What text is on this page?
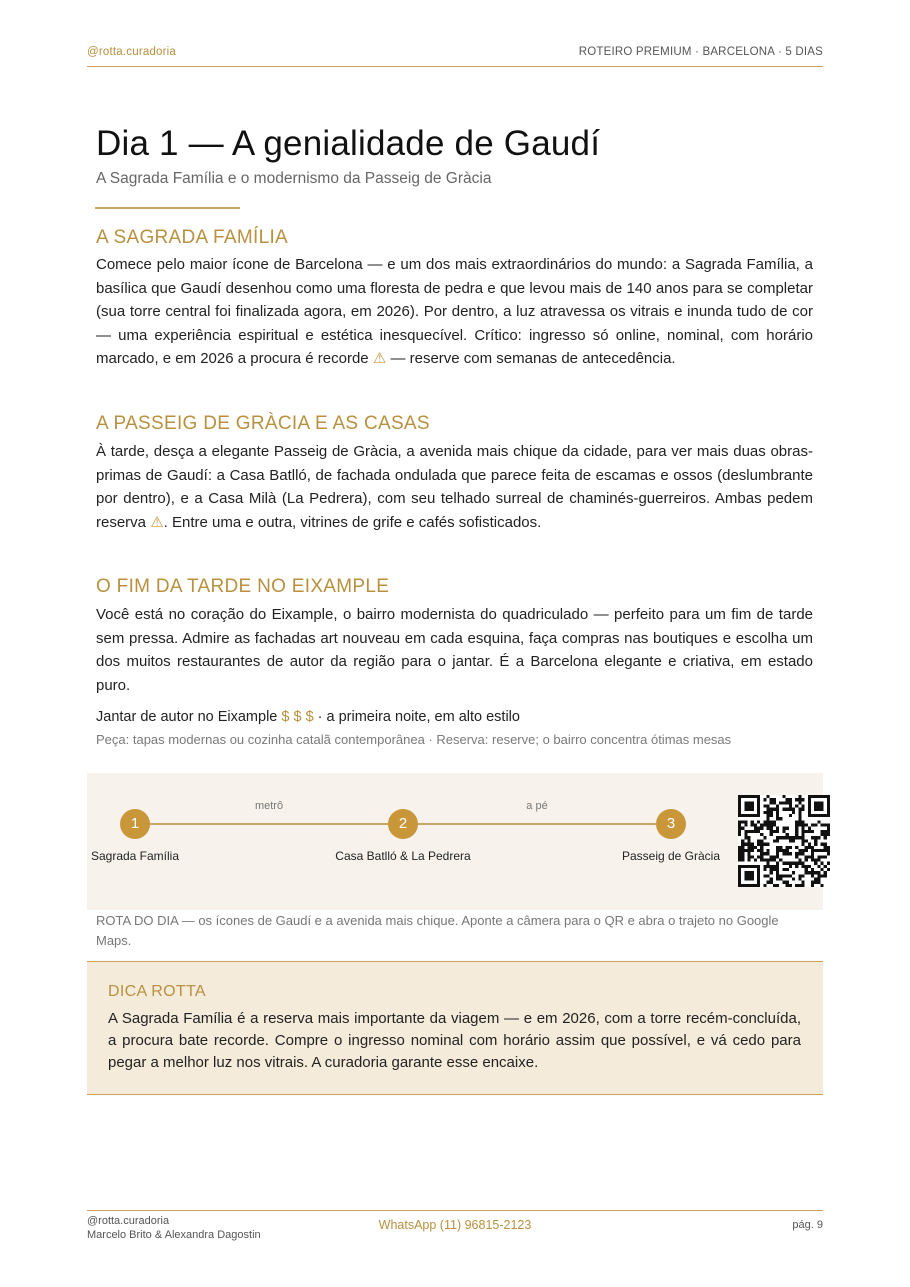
@rotta.curadoria	ROTEIRO PREMIUM · BARCELONA · 5 DIAS
Dia 1 — A genialidade de Gaudí

A Sagrada Família e o modernismo da Passeig de Gràcia

A SAGRADA FAMÍLIA

Comece pelo maior ícone de Barcelona — e um dos mais extraordinários do mundo: a Sagrada Família, a basílica que Gaudí desenhou como uma floresta de pedra e que levou mais de 140 anos para se completar (sua torre central foi finalizada agora, em 2026). Por dentro, a luz atravessa os vitrais e inunda tudo de cor — uma experiência espiritual e estética inesquecível. Crítico: ingresso só online, nominal, com horário marcado, e em 2026 a procura é recorde ⚠ — reserve com semanas de antecedência.

A PASSEIG DE GRÀCIA E AS CASAS

À tarde, desça a elegante Passeig de Gràcia, a avenida mais chique da cidade, para ver mais duas obras-primas de Gaudí: a Casa Batlló, de fachada ondulada que parece feita de escamas e ossos (deslumbrante por dentro), e a Casa Milà (La Pedrera), com seu telhado surreal de chaminés-guerreiros. Ambas pedem reserva ⚠. Entre uma e outra, vitrines de grife e cafés sofisticados.

O FIM DA TARDE NO EIXAMPLE

Você está no coração do Eixample, o bairro modernista do quadriculado — perfeito para um fim de tarde sem pressa. Admire as fachadas art nouveau em cada esquina, faça compras nas boutiques e escolha um dos muitos restaurantes de autor da região para o jantar. É a Barcelona elegante e criativa, em estado puro.

Jantar de autor no Eixample $ $ $ · a primeira noite, em alto estilo
Peça: tapas modernas ou cozinha catalã contemporânea · Reserva: reserve; o bairro concentra ótimas mesas
metrô	a pé
1	2	3
Sagrada Família	Casa Batlló & La Pedrera	Passeig de Gràcia

ROTA DO DIA — os ícones de Gaudí e a avenida mais chique. Aponte a câmera para o QR e abra o trajeto no Google Maps.

DICA ROTTA

A Sagrada Família é a reserva mais importante da viagem — e em 2026, com a torre recém-concluída, a procura bate recorde. Compre o ingresso nominal com horário assim que possível, e vá cedo para pegar a melhor luz nos vitrais. A curadoria garante esse encaixe.

@rotta.curadoria
Marcelo Brito & Alexandra Dagostin
WhatsApp (11) 96815-2123	pág. 9
